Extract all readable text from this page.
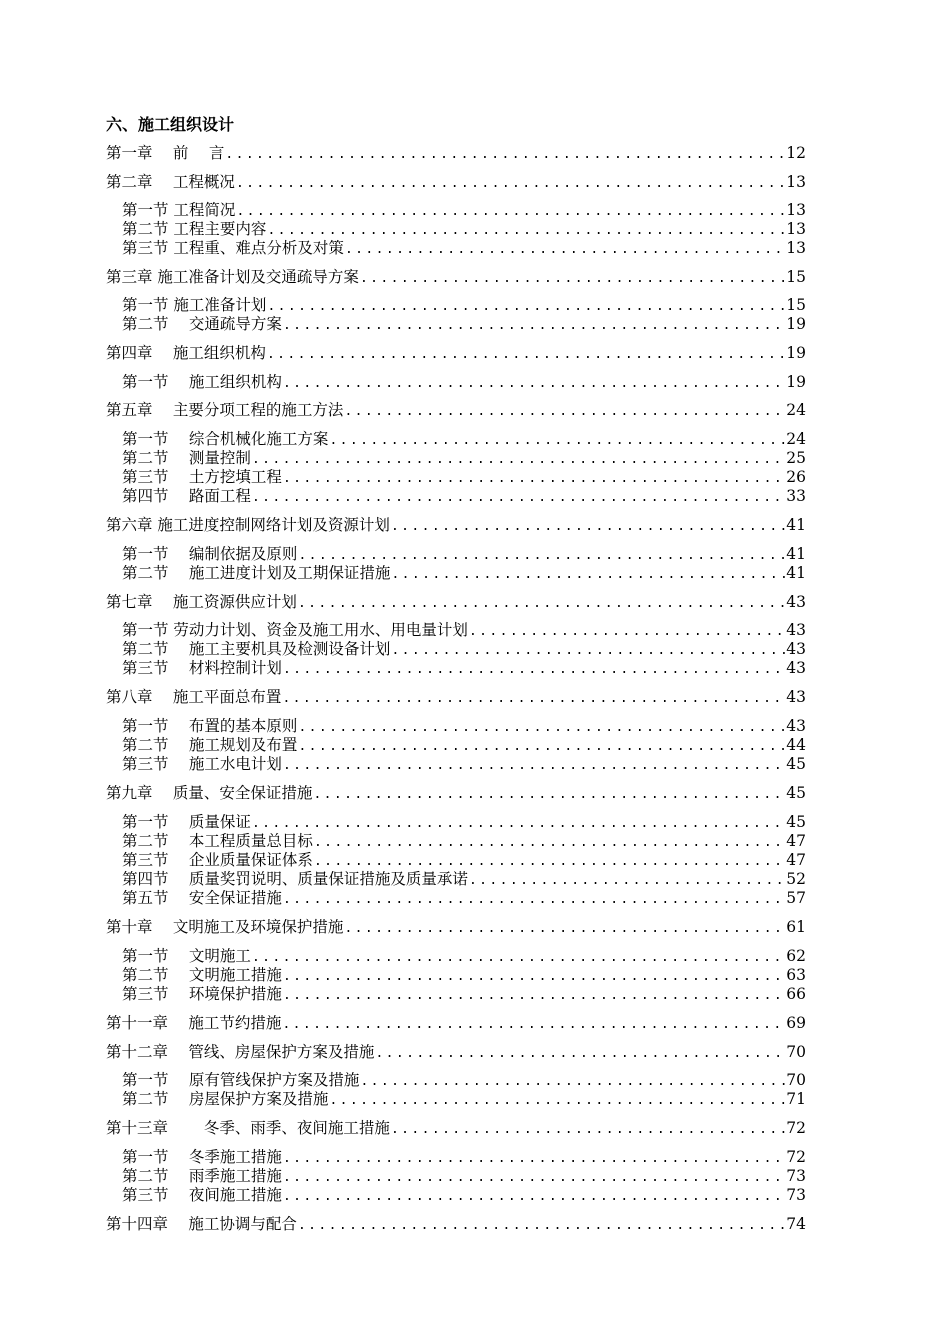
六、施工组织设计
第一章　 前　 言 .....	12
第二章　 工程概况 .....	13
第一节 工程简况 .....	13
第二节 工程主要内容 .....	13
第三节 工程重、难点分析及对策 .....	13
第三章 施工准备计划及交通疏导方案 .....	15
第一节 施工准备计划 .....	15
第二节　 交通疏导方案 .....	19
第四章　 施工组织机构 .....	19
第一节　 施工组织机构 .....	19
第五章　 主要分项工程的施工方法 .....	24
第一节　 综合机械化施工方案 .....	24
第二节　 测量控制 .....	25
第三节　 土方挖填工程 .....	26
第四节　 路面工程 .....	33
第六章 施工进度控制网络计划及资源计划 .....	41
第一节　 编制依据及原则 .....	41
第二节　 施工进度计划及工期保证措施 .....	41
第七章　 施工资源供应计划 .....	43
第一节 劳动力计划、资金及施工用水、用电量计划 .....	43
第二节　 施工主要机具及检测设备计划 .....	43
第三节　 材料控制计划 .....	43
第八章　 施工平面总布置 .....	43
第一节　 布置的基本原则 .....	43
第二节　 施工规划及布置 .....	44
第三节　 施工水电计划 .....	45
第九章　 质量、安全保证措施 .....	45
第一节　 质量保证 .....	45
第二节　 本工程质量总目标 .....	47
第三节　 企业质量保证体系 .....	47
第四节　 质量奖罚说明、质量保证措施及质量承诺 .....	52
第五节　 安全保证措施 .....	57
第十章　 文明施工及环境保护措施 .....	61
第一节　 文明施工 .....	62
第二节　 文明施工措施 .....	63
第三节　 环境保护措施 .....	66
第十一章　 施工节约措施 .....	69
第十二章　 管线、房屋保护方案及措施 .....	70
第一节　 原有管线保护方案及措施 .....	70
第二节　 房屋保护方案及措施 .....	71
第十三章　　 冬季、雨季、夜间施工措施 .....	72
第一节　 冬季施工措施 .....	72
第二节　 雨季施工措施 .....	73
第三节　 夜间施工措施 .....	73
第十四章　 施工协调与配合 .....	74
